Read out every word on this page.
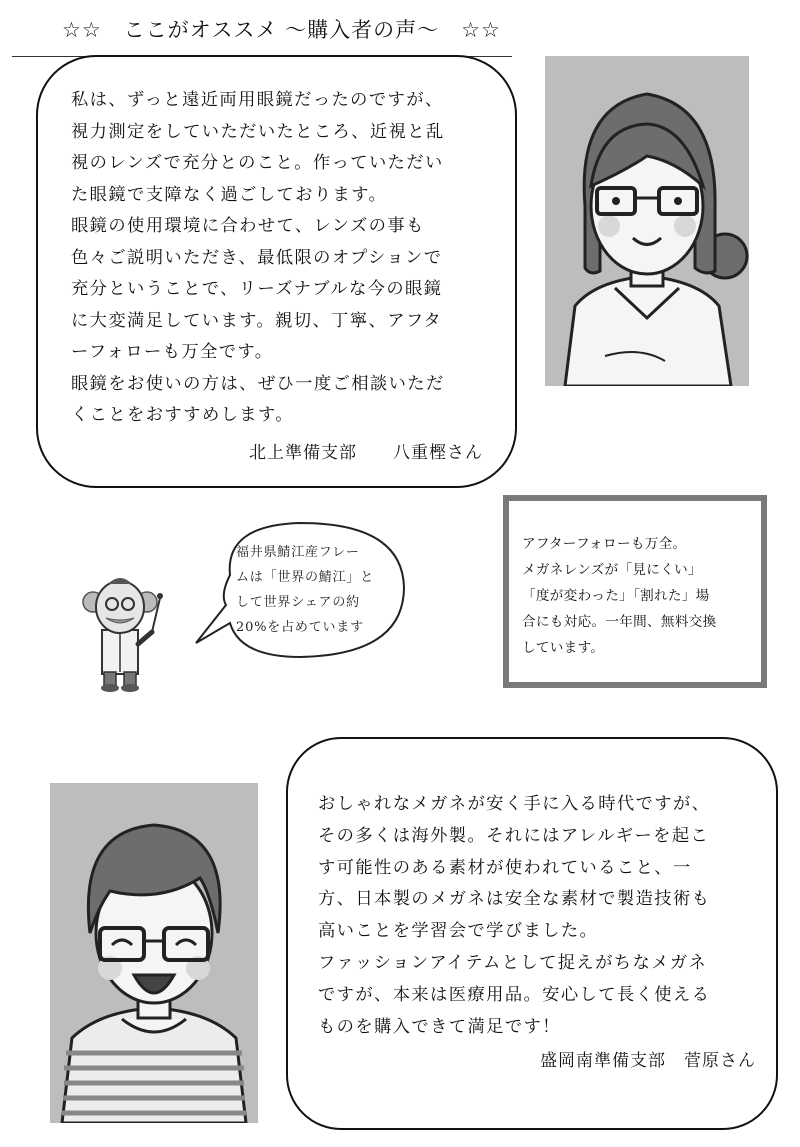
☆☆　ここがオススメ ～購入者の声～　☆☆
私は、ずっと遠近両用眼鏡だったのですが、
視力測定をしていただいたところ、近視と乱
視のレンズで充分とのこと。作っていただい
た眼鏡で支障なく過ごしております。
眼鏡の使用環境に合わせて、レンズの事も
色々ご説明いただき、最低限のオプションで
充分ということで、リーズナブルな今の眼鏡
に大変満足しています。親切、丁寧、アフタ
ーフォローも万全です。
眼鏡をお使いの方は、ぜひ一度ご相談いただ
くことをおすすめします。
北上準備支部　　八重樫さん
福井県鯖江産フレー
ムは「世界の鯖江」と
して世界シェアの約
20%を占めています
アフターフォローも万全。
メガネレンズが「見にくい」
「度が変わった」「割れた」場
合にも対応。一年間、無料交換
しています。
おしゃれなメガネが安く手に入る時代ですが、
その多くは海外製。それにはアレルギーを起こ
す可能性のある素材が使われていること、一
方、日本製のメガネは安全な素材で製造技術も
高いことを学習会で学びました。
ファッションアイテムとして捉えがちなメガネ
ですが、本来は医療用品。安心して長く使える
ものを購入できて満足です！
盛岡南準備支部　菅原さん
